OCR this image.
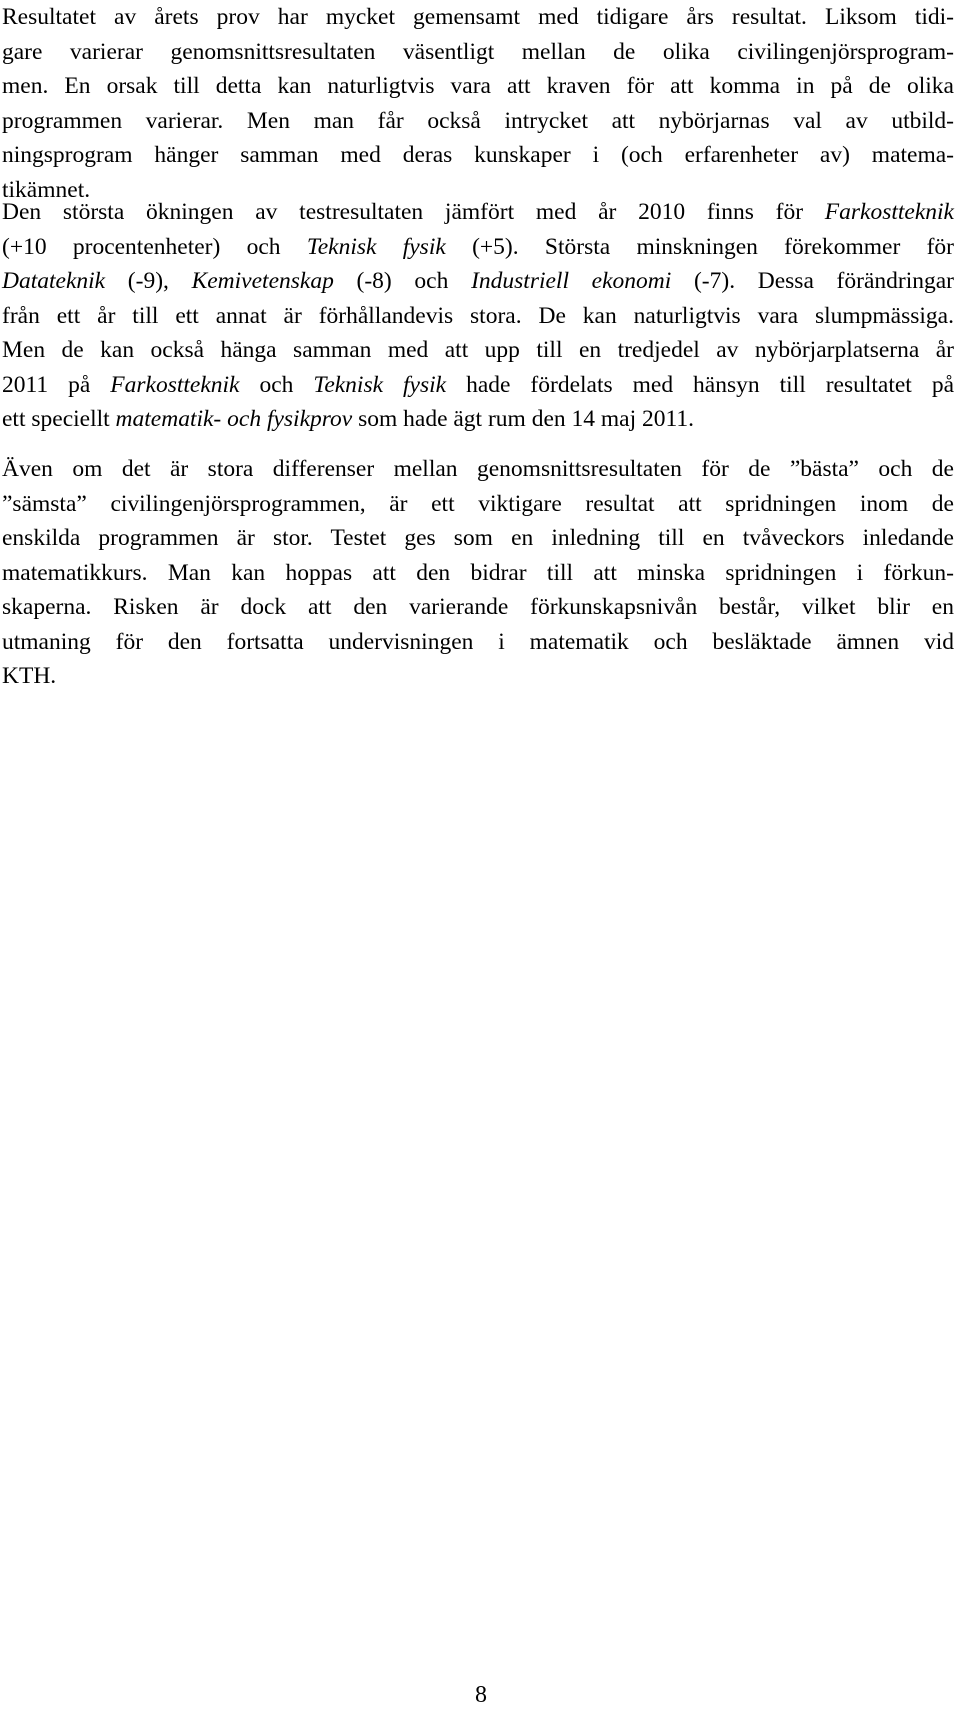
Resultatet av årets prov har mycket gemensamt med tidigare års resultat. Liksom tidi-
gare varierar genomsnittsresultaten väsentligt mellan de olika civilingenjörsprogram-
men. En orsak till detta kan naturligtvis vara att kraven för att komma in på de olika
programmen varierar. Men man får också intrycket att nybörjarnas val av utbild-
ningsprogram hänger samman med deras kunskaper i (och erfarenheter av) matema-
tikämnet.
Den största ökningen av testresultaten jämfört med år 2010 finns för Farkostteknik
(+10 procentenheter) och Teknisk fysik (+5). Största minskningen förekommer för
Datateknik (-9), Kemivetenskap (-8) och Industriell ekonomi (-7). Dessa förändringar
från ett år till ett annat är förhållandevis stora. De kan naturligtvis vara slumpmässiga.
Men de kan också hänga samman med att upp till en tredjedel av nybörjarplatserna år
2011 på Farkostteknik och Teknisk fysik hade fördelats med hänsyn till resultatet på
ett speciellt matematik- och fysikprov som hade ägt rum den 14 maj 2011.
Även om det är stora differenser mellan genomsnittsresultaten för de ”bästa” och de
”sämsta” civilingenjörsprogrammen, är ett viktigare resultat att spridningen inom de
enskilda programmen är stor. Testet ges som en inledning till en tvåveckors inledande
matematikkurs. Man kan hoppas att den bidrar till att minska spridningen i förkun-
skaperna. Risken är dock att den varierande förkunskapsnivån består, vilket blir en
utmaning för den fortsatta undervisningen i matematik och besläktade ämnen vid
KTH.
8
